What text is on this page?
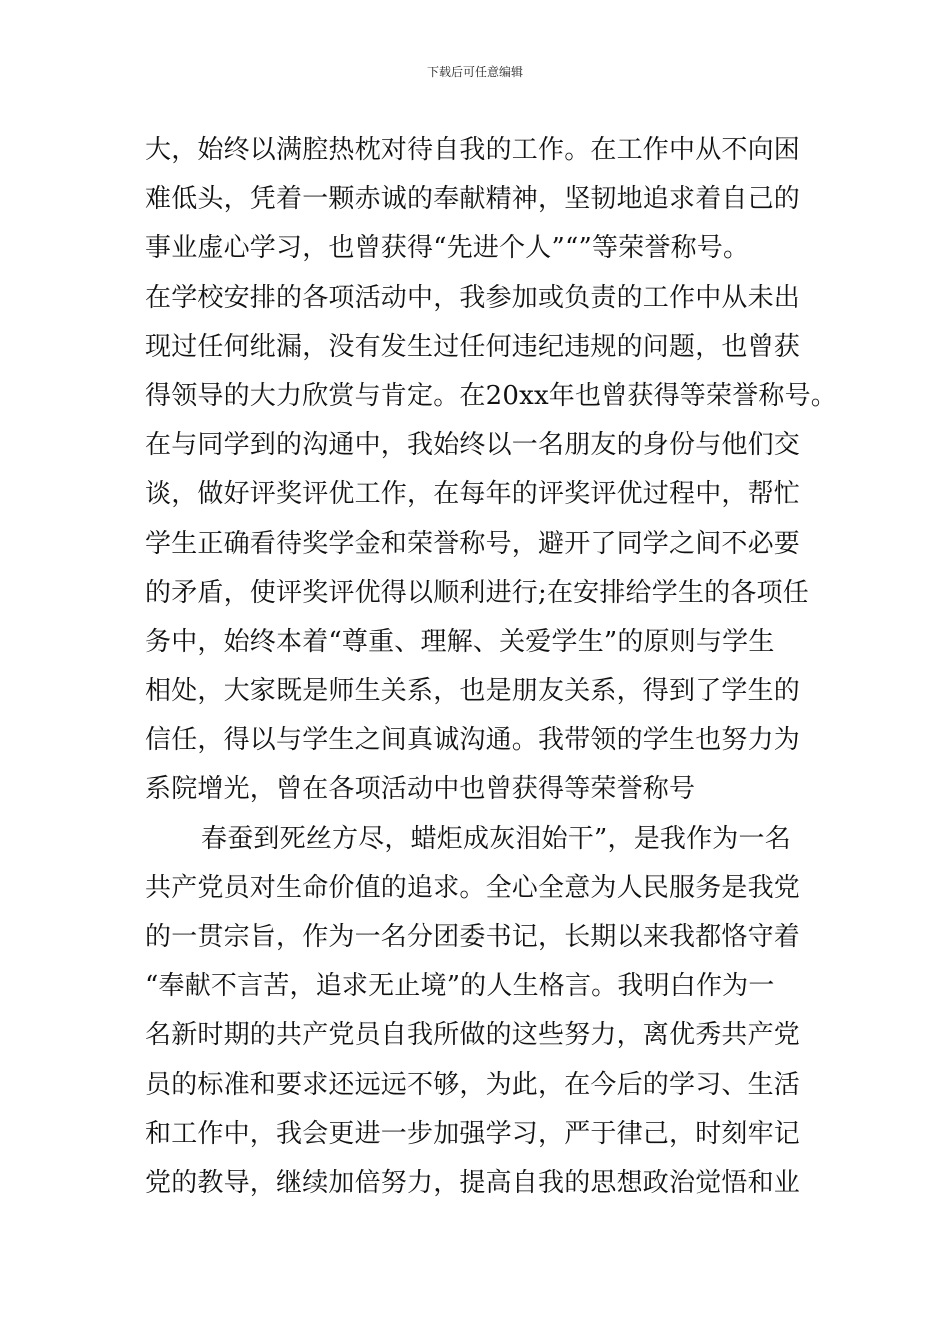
下载后可任意编辑
大，始终以满腔热枕对待自我的工作。在工作中从不向困
难低头，凭着一颗赤诚的奉献精神，坚韧地追求着自己的
事业虚心学习，也曾获得“先进个人”“”等荣誉称号。
在学校安排的各项活动中，我参加或负责的工作中从未出
现过任何纰漏，没有发生过任何违纪违规的问题，也曾获
得领导的大力欣赏与肯定。在20xx年也曾获得等荣誉称号。
在与同学到的沟通中，我始终以一名朋友的身份与他们交
谈，做好评奖评优工作，在每年的评奖评优过程中，帮忙
学生正确看待奖学金和荣誉称号，避开了同学之间不必要
的矛盾，使评奖评优得以顺利进行;在安排给学生的各项任
务中，始终本着“尊重、理解、关爱学生”的原则与学生
相处，大家既是师生关系，也是朋友关系，得到了学生的
信任，得以与学生之间真诚沟通。我带领的学生也努力为
系院增光，曾在各项活动中也曾获得等荣誉称号
春蚕到死丝方尽，蜡炬成灰泪始干”，是我作为一名
共产党员对生命价值的追求。全心全意为人民服务是我党
的一贯宗旨，作为一名分团委书记，长期以来我都恪守着
“奉献不言苦，追求无止境”的人生格言。我明白作为一
名新时期的共产党员自我所做的这些努力，离优秀共产党
员的标准和要求还远远不够，为此，在今后的学习、生活
和工作中，我会更进一步加强学习，严于律己，时刻牢记
党的教导，继续加倍努力，提高自我的思想政治觉悟和业
